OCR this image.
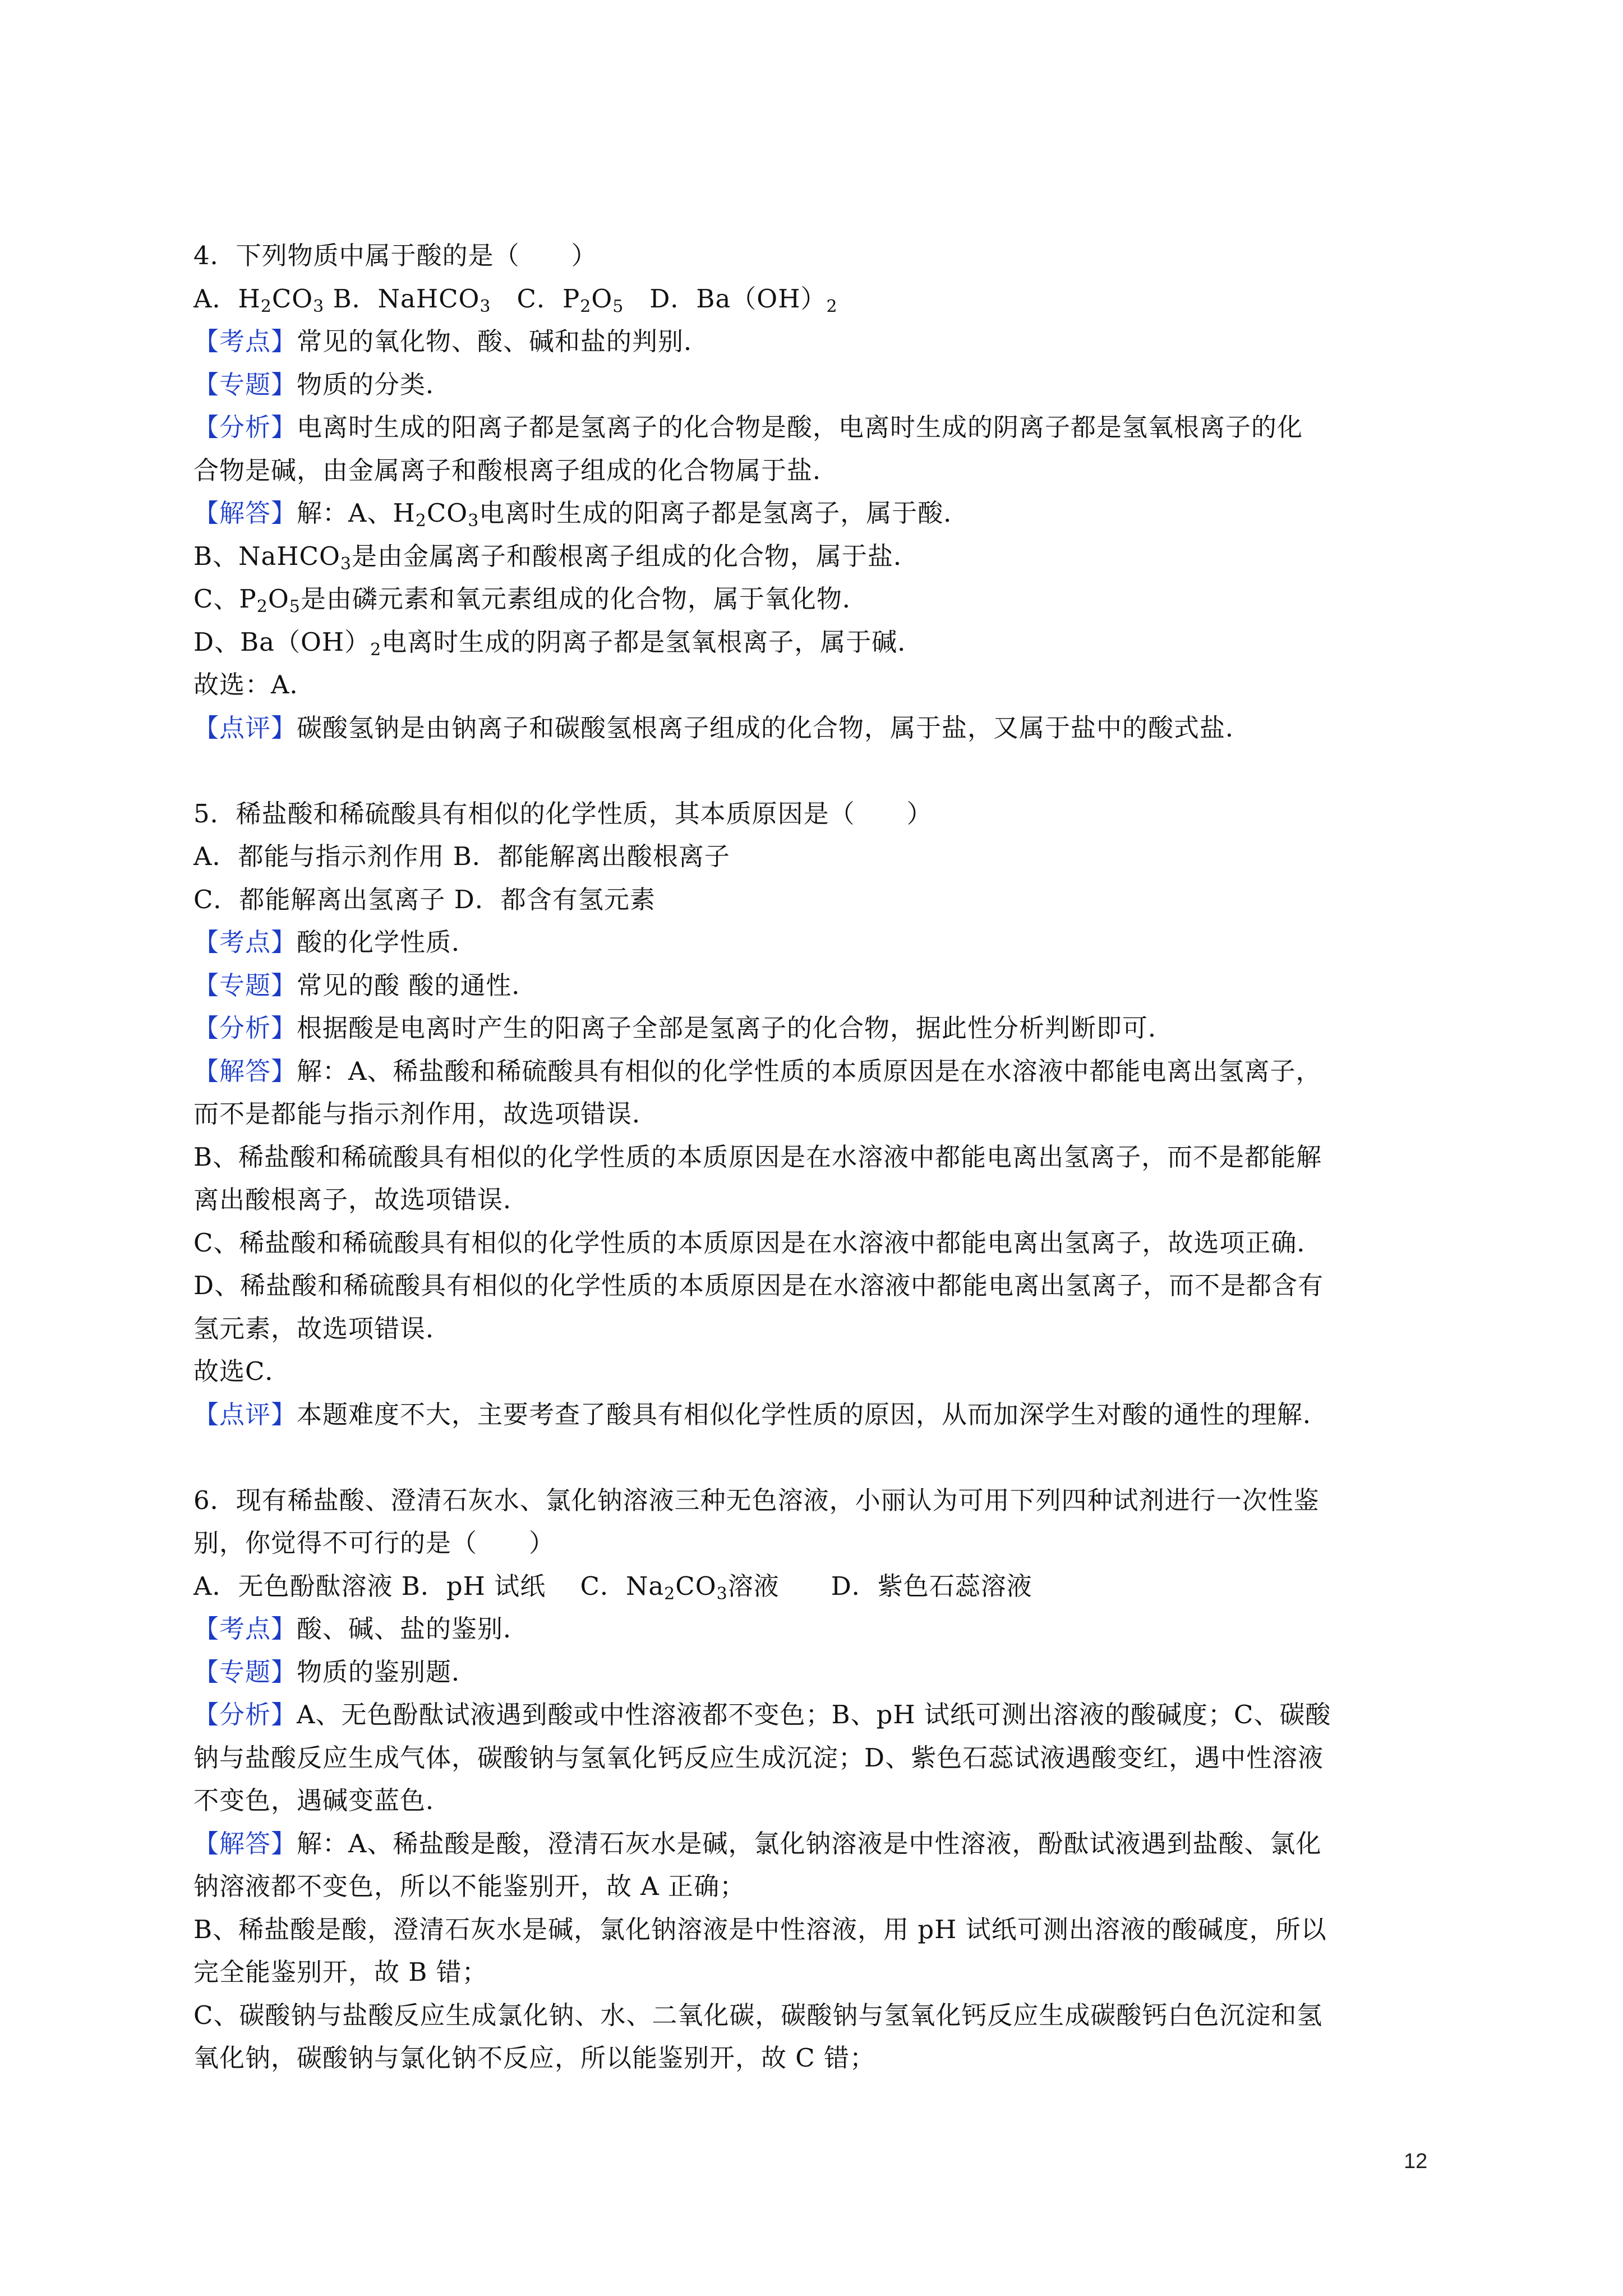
4．下列物质中属于酸的是（　　）
A．$H_2CO_3$ B．NaHCO$_3$　C．$P_2O_5$　D．$Ba(OH)_2$
【考点】常见的氧化物、酸、碱和盐的判别．
【专题】物质的分类．
【分析】电离时生成的阳离子都是氢离子的化合物是酸，电离时生成的阴离子都是氢氧根离子的化
合物是碱，由金属离子和酸根离子组成的化合物属于盐．
【解答】解：A、$H_2CO_3$电离时生成的阳离子都是氢离子，属于酸．
B、NaHCO$_3$是由金属离子和酸根离子组成的化合物，属于盐．
C、$P_2O_5$是由磷元素和氧元素组成的化合物，属于氧化物．
D、$Ba(OH)_2$电离时生成的阴离子都是氢氧根离子，属于碱．
故选：A．
【点评】碳酸氢钠是由钠离子和碳酸氢根离子组成的化合物，属于盐，又属于盐中的酸式盐．
5．稀盐酸和稀硫酸具有相似的化学性质，其本质原因是（　　）
A．都能与指示剂作用 B．都能解离出酸根离子
C．都能解离出氢离子 D．都含有氢元素
【考点】酸的化学性质．
【专题】常见的酸 酸的通性．
【分析】根据酸是电离时产生的阳离子全部是氢离子的化合物，据此性分析判断即可．
【解答】解：A、稀盐酸和稀硫酸具有相似的化学性质的本质原因是在水溶液中都能电离出氢离子，
而不是都能与指示剂作用，故选项错误．
B、稀盐酸和稀硫酸具有相似的化学性质的本质原因是在水溶液中都能电离出氢离子，而不是都能解
离出酸根离子，故选项错误．
C、稀盐酸和稀硫酸具有相似的化学性质的本质原因是在水溶液中都能电离出氢离子，故选项正确．
D、稀盐酸和稀硫酸具有相似的化学性质的本质原因是在水溶液中都能电离出氢离子，而不是都含有
氢元素，故选项错误．
故选C．
【点评】本题难度不大，主要考查了酸具有相似化学性质的原因，从而加深学生对酸的通性的理解．
6．现有稀盐酸、澄清石灰水、氯化钠溶液三种无色溶液，小丽认为可用下列四种试剂进行一次性鉴
别，你觉得不可行的是（　　）
A．无色酚酞溶液 B．pH 试纸　 C．$Na_2CO_3$溶液　　D．紫色石蕊溶液
【考点】酸、碱、盐的鉴别．
【专题】物质的鉴别题．
【分析】A、无色酚酞试液遇到酸或中性溶液都不变色；B、pH 试纸可测出溶液的酸碱度；C、碳酸
钠与盐酸反应生成气体，碳酸钠与氢氧化钙反应生成沉淀；D、紫色石蕊试液遇酸变红，遇中性溶液
不变色，遇碱变蓝色．
【解答】解：A、稀盐酸是酸，澄清石灰水是碱，氯化钠溶液是中性溶液，酚酞试液遇到盐酸、氯化
钠溶液都不变色，所以不能鉴别开，故 A 正确；
B、稀盐酸是酸，澄清石灰水是碱，氯化钠溶液是中性溶液，用 pH 试纸可测出溶液的酸碱度，所以
完全能鉴别开，故 B 错；
C、碳酸钠与盐酸反应生成氯化钠、水、二氧化碳，碳酸钠与氢氧化钙反应生成碳酸钙白色沉淀和氢
氧化钠，碳酸钠与氯化钠不反应，所以能鉴别开，故 C 错；
12
